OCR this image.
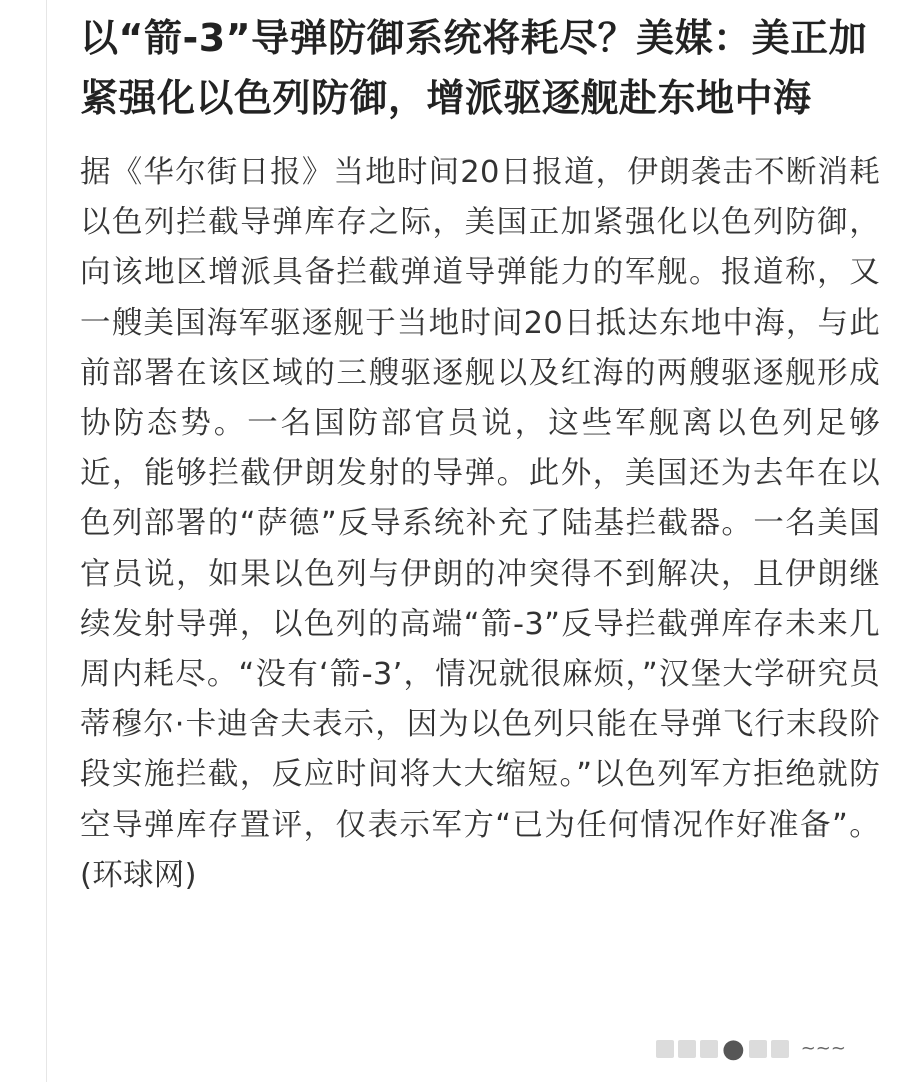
以“箭-3”导弹防御系统将耗尽？美媒：美正加紧强化以色列防御，增派驱逐舰赴东地中海

据《华尔街日报》当地时间20日报道，伊朗袭击不断消耗以色列拦截导弹库存之际，美国正加紧强化以色列防御，向该地区增派具备拦截弹道导弹能力的军舰。报道称，又一艘美国海军驱逐舰于当地时间20日抵达东地中海，与此前部署在该区域的三艘驱逐舰以及红海的两艘驱逐舰形成协防态势。一名国防部官员说，这些军舰离以色列足够近，能够拦截伊朗发射的导弹。此外，美国还为去年在以色列部署的“萨德”反导系统补充了陆基拦截器。一名美国官员说，如果以色列与伊朗的冲突得不到解决，且伊朗继续发射导弹，以色列的高端“箭-3”反导拦截弹库存未来几周内耗尽。“没有‘箭-3’，情况就很麻烦，”汉堡大学研究员蒂穆尔·卡迪舍夫表示，因为以色列只能在导弹飞行末段阶段实施拦截，反应时间将大大缩短。”以色列军方拒绝就防空导弹库存置评，仅表示军方“已为任何情况作好准备”。(环球网)

●	~~~
